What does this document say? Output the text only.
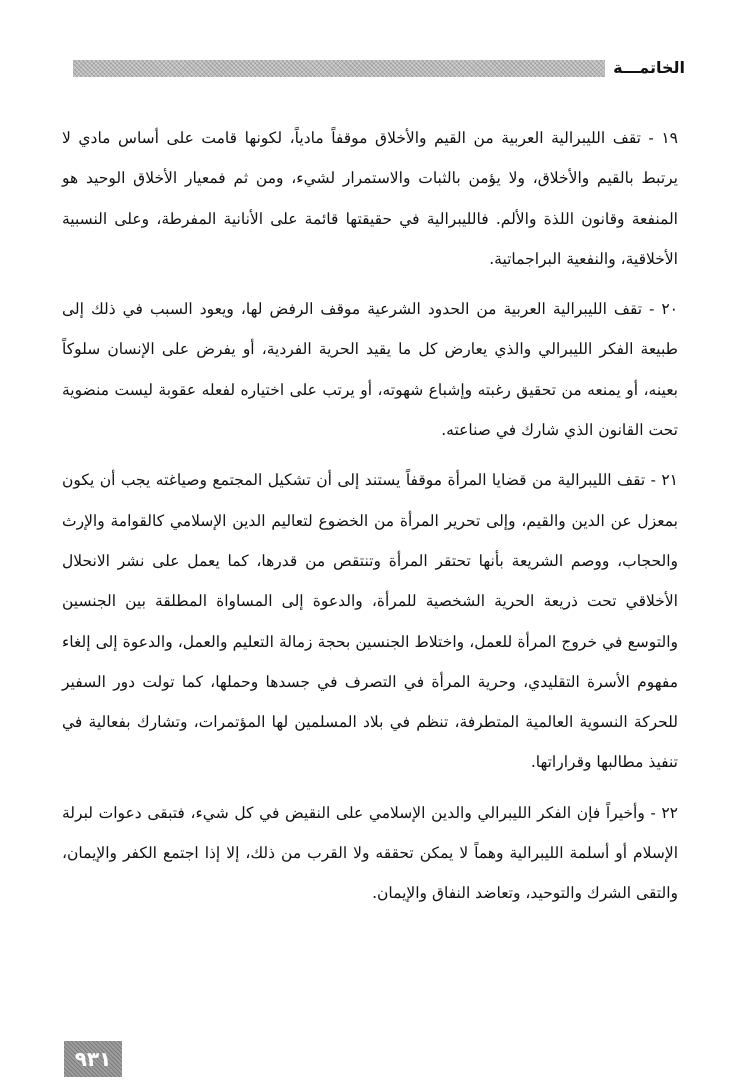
الخاتمـــة

١٩ - تقف الليبرالية العربية من القيم والأخلاق موقفاً مادياً، لكونها قامت على أساس مادي لا يرتبط بالقيم والأخلاق، ولا يؤمن بالثبات والاستمرار لشيء، ومن ثم فمعيار الأخلاق الوحيد هو المنفعة وقانون اللذة والألم. فالليبرالية في حقيقتها قائمة على الأنانية المفرطة، وعلى النسبية الأخلاقية، والنفعية البراجماتية.

٢٠ - تقف الليبرالية العربية من الحدود الشرعية موقف الرفض لها، ويعود السبب في ذلك إلى طبيعة الفكر الليبرالي والذي يعارض كل ما يقيد الحرية الفردية، أو يفرض على الإنسان سلوكاً بعينه، أو يمنعه من تحقيق رغبته وإشباع شهوته، أو يرتب على اختياره لفعله عقوبة ليست منضوية تحت القانون الذي شارك في صناعته.

٢١ - تقف الليبرالية من قضايا المرأة موقفاً يستند إلى أن تشكيل المجتمع وصياغته يجب أن يكون بمعزل عن الدين والقيم، وإلى تحرير المرأة من الخضوع لتعاليم الدين الإسلامي كالقوامة والإرث والحجاب، ووصم الشريعة بأنها تحتقر المرأة وتنتقص من قدرها، كما يعمل على نشر الانحلال الأخلاقي تحت ذريعة الحرية الشخصية للمرأة، والدعوة إلى المساواة المطلقة بين الجنسين والتوسع في خروج المرأة للعمل، واختلاط الجنسين بحجة زمالة التعليم والعمل، والدعوة إلى إلغاء مفهوم الأسرة التقليدي، وحرية المرأة في التصرف في جسدها وحملها، كما تولت دور السفير للحركة النسوية العالمية المتطرفة، تنظم في بلاد المسلمين لها المؤتمرات، وتشارك بفعالية في تنفيذ مطالبها وقراراتها.

٢٢ - وأخيراً فإن الفكر الليبرالي والدين الإسلامي على النقيض في كل شيء، فتبقى دعوات لبرلة الإسلام أو أسلمة الليبرالية وهماً لا يمكن تحققه ولا القرب من ذلك، إلا إذا اجتمع الكفر والإيمان، والتقى الشرك والتوحيد، وتعاضد النفاق والإيمان.

٩٣١
